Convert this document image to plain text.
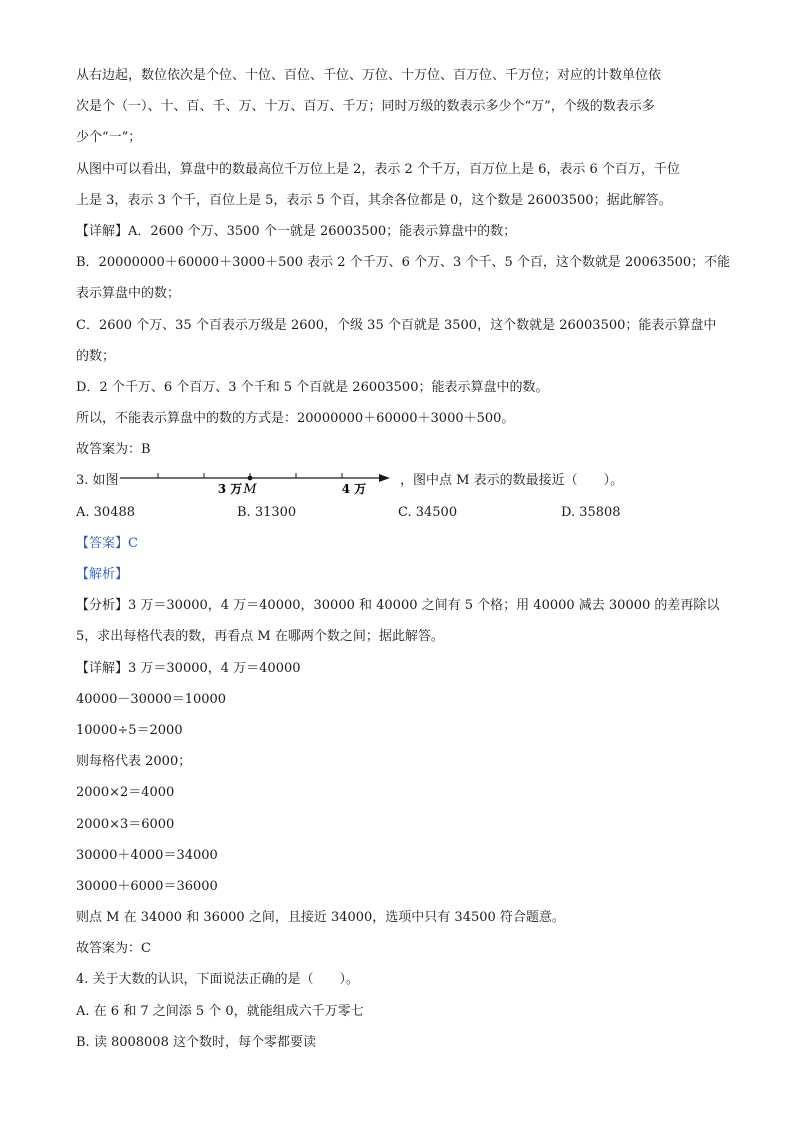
从右边起，数位依次是个位、十位、百位、千位、万位、十万位、百万位、千万位；对应的计数单位依
次是个（一）、十、百、千、万、十万、百万、千万；同时万级的数表示多少个“万”，个级的数表示多
少个“一”；
从图中可以看出，算盘中的数最高位千万位上是 2，表示 2 个千万，百万位上是 6，表示 6 个百万，千位
上是 3，表示 3 个千，百位上是 5，表示 5 个百，其余各位都是 0，这个数是 26003500；据此解答。
【详解】A．2600 个万、3500 个一就是 26003500；能表示算盘中的数；
B．20000000＋60000＋3000＋500 表示 2 个千万、6 个万、3 个千、5 个百，这个数就是 20063500；不能
表示算盘中的数；
C．2600 个万、35 个百表示万级是 2600，个级 35 个百就是 3500，这个数就是 26003500；能表示算盘中
的数；
D．2 个千万、6 个百万、3 个千和 5 个百就是 26003500；能表示算盘中的数。
所以，不能表示算盘中的数的方式是：20000000＋60000＋3000＋500。
故答案为：B
3. 如图
3 万 M	4 万
，图中点 M 表示的数最接近（　　）。
A. 30488	B. 31300	C. 34500	D. 35808
【答案】C
【解析】
【分析】3 万＝30000，4 万＝40000，30000 和 40000 之间有 5 个格；用 40000 减去 30000 的差再除以
5，求出每格代表的数，再看点 M 在哪两个数之间；据此解答。
【详解】3 万＝30000，4 万＝40000
40000－30000＝10000
10000÷5＝2000
则每格代表 2000；
2000×2＝4000
2000×3＝6000
30000＋4000＝34000
30000＋6000＝36000
则点 M 在 34000 和 36000 之间，且接近 34000，选项中只有 34500 符合题意。
故答案为：C
4. 关于大数的认识，下面说法正确的是（　　）。
A. 在 6 和 7 之间添 5 个 0，就能组成六千万零七
B. 读 8008008 这个数时，每个零都要读
